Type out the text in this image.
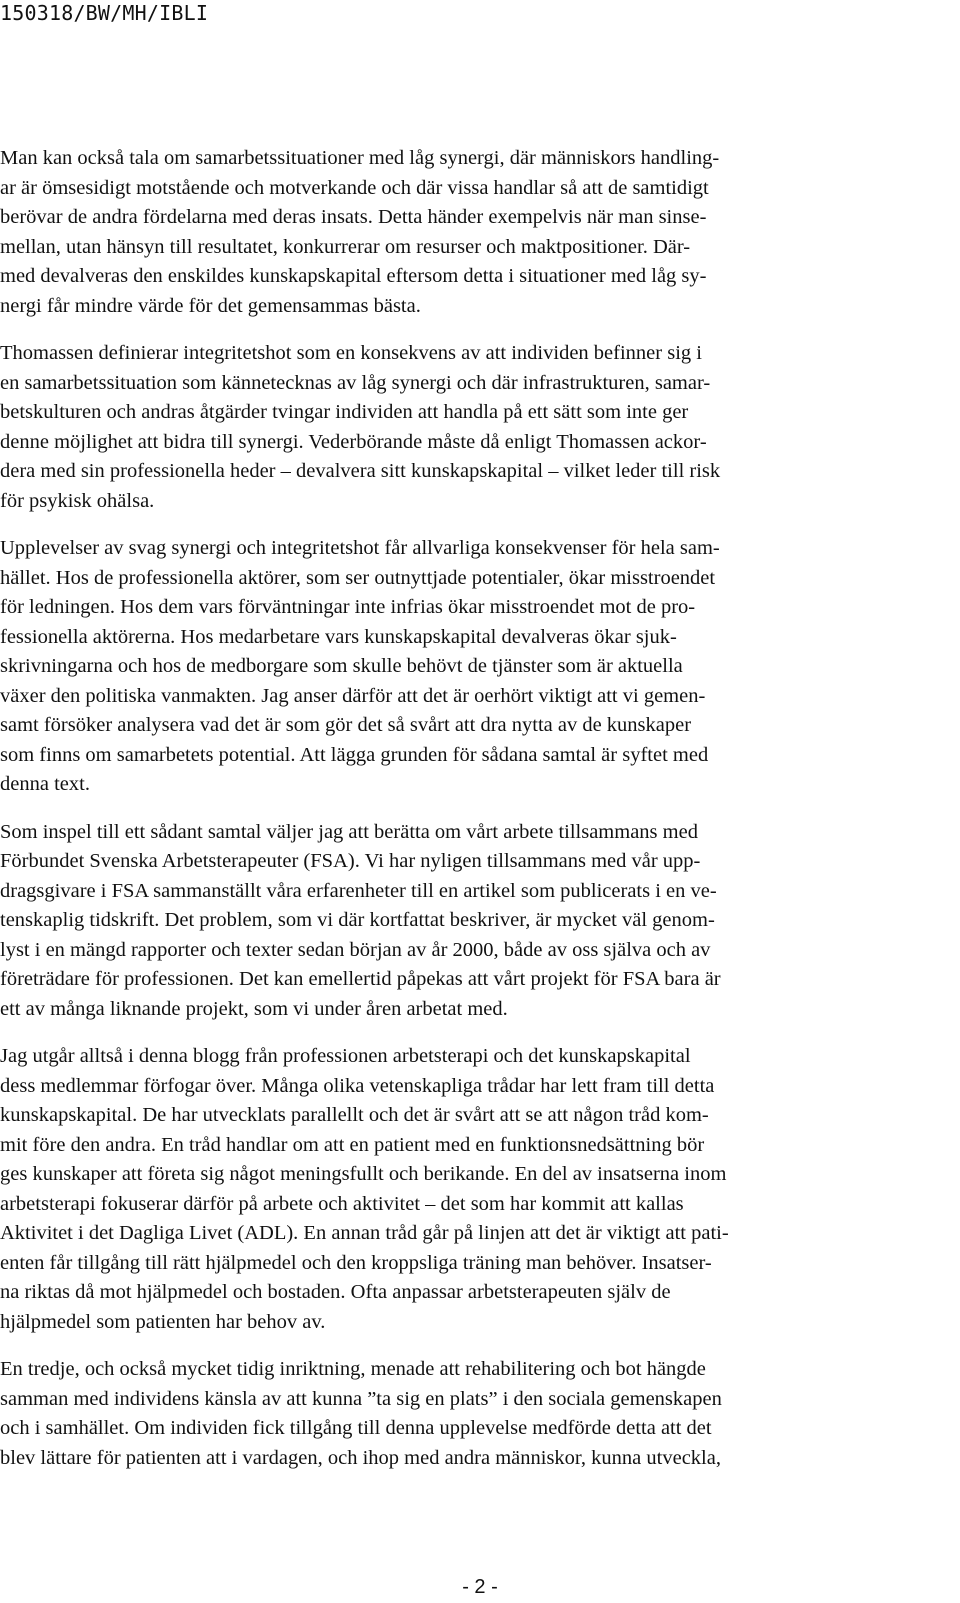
150318/BW/MH/IBLI

Man kan också tala om samarbetssituationer med låg synergi, där människors handling-
ar är ömsesidigt motstående och motverkande och där vissa handlar så att de samtidigt
berövar de andra fördelarna med deras insats. Detta händer exempelvis när man sinse-
mellan, utan hänsyn till resultatet, konkurrerar om resurser och maktpositioner. Där-
med devalveras den enskildes kunskapskapital eftersom detta i situationer med låg sy-
nergi får mindre värde för det gemensammas bästa.

Thomassen definierar integritetshot som en konsekvens av att individen befinner sig i
en samarbetssituation som kännetecknas av låg synergi och där infrastrukturen, samar-
betskulturen och andras åtgärder tvingar individen att handla på ett sätt som inte ger
denne möjlighet att bidra till synergi. Vederbörande måste då enligt Thomassen ackor-
dera med sin professionella heder – devalvera sitt kunskapskapital – vilket leder till risk
för psykisk ohälsa.

Upplevelser av svag synergi och integritetshot får allvarliga konsekvenser för hela sam-
hället. Hos de professionella aktörer, som ser outnyttjade potentialer, ökar misstroendet
för ledningen. Hos dem vars förväntningar inte infrias ökar misstroendet mot de pro-
fessionella aktörerna. Hos medarbetare vars kunskapskapital devalveras ökar sjuk-
skrivningarna och hos de medborgare som skulle behövt de tjänster som är aktuella
växer den politiska vanmakten. Jag anser därför att det är oerhört viktigt att vi gemen-
samt försöker analysera vad det är som gör det så svårt att dra nytta av de kunskaper
som finns om samarbetets potential. Att lägga grunden för sådana samtal är syftet med
denna text.

Som inspel till ett sådant samtal väljer jag att berätta om vårt arbete tillsammans med
Förbundet Svenska Arbetsterapeuter (FSA). Vi har nyligen tillsammans med vår upp-
dragsgivare i FSA sammanställt våra erfarenheter till en artikel som publicerats i en ve-
tenskaplig tidskrift. Det problem, som vi där kortfattat beskriver, är mycket väl genom-
lyst i en mängd rapporter och texter sedan början av år 2000, både av oss själva och av
företrädare för professionen. Det kan emellertid påpekas att vårt projekt för FSA bara är
ett av många liknande projekt, som vi under åren arbetat med.

Jag utgår alltså i denna blogg från professionen arbetsterapi och det kunskapskapital
dess medlemmar förfogar över. Många olika vetenskapliga trådar har lett fram till detta
kunskapskapital. De har utvecklats parallellt och det är svårt att se att någon tråd kom-
mit före den andra. En tråd handlar om att en patient med en funktionsnedsättning bör
ges kunskaper att företa sig något meningsfullt och berikande. En del av insatserna inom
arbetsterapi fokuserar därför på arbete och aktivitet – det som har kommit att kallas
Aktivitet i det Dagliga Livet (ADL). En annan tråd går på linjen att det är viktigt att pati-
enten får tillgång till rätt hjälpmedel och den kroppsliga träning man behöver. Insatser-
na riktas då mot hjälpmedel och bostaden. Ofta anpassar arbetsterapeuten själv de
hjälpmedel som patienten har behov av.

En tredje, och också mycket tidig inriktning, menade att rehabilitering och bot hängde
samman med individens känsla av att kunna ”ta sig en plats” i den sociala gemenskapen
och i samhället. Om individen fick tillgång till denna upplevelse medförde detta att det
blev lättare för patienten att i vardagen, och ihop med andra människor, kunna utveckla,

- 2 -
